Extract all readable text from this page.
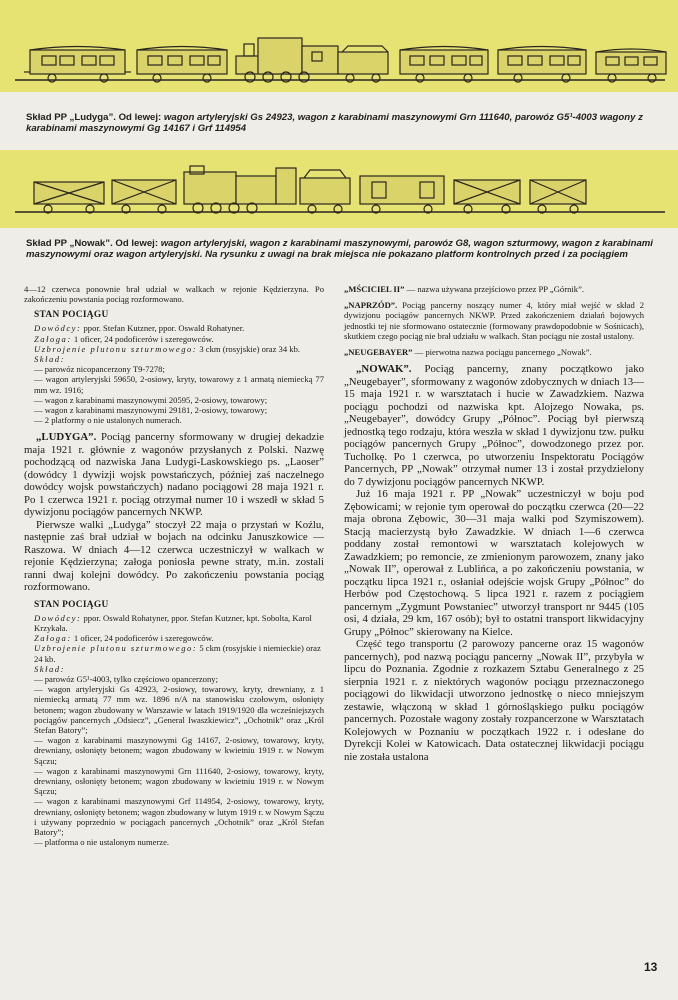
Skład PP „Ludyga”. Od lewej: wagon artyleryjski Gs 24923, wagon z karabinami maszynowymi Grn 111640, parowóz G5¹-4003 wagony z karabinami maszynowymi Gg 14167 i Grf 114954

Skład PP „Nowak”. Od lewej: wagon artyleryjski, wagon z karabinami maszynowymi, parowóz G8, wagon szturmowy, wagon z karabinami maszynowymi oraz wagon artyleryjski. Na rysunku z uwagi na brak miejsca nie pokazano platform kontrolnych przed i za pociągiem

4—12 czerwca ponownie brał udział w walkach w rejonie Kędzierzyna. Po zakończeniu powstania pociąg rozformowano.

STAN POCIĄGU
Dowódcy: ppor. Stefan Kutzner, ppor. Oswald Rohatyner.
Załoga: 1 oficer, 24 podoficerów i szeregowców.
Uzbrojenie plutonu szturmowego: 3 ckm (rosyjskie) oraz 34 kb.
Skład:
— parowóz nicopancerzony T9-7278;
— wagon artyleryjski 59650, 2-osiowy, kryty, towarowy z 1 armatą niemiecką 77 mm wz. 1916;
— wagon z karabinami maszynowymi 20595, 2-osiowy, towarowy;
— wagon z karabinami maszynowymi 29181, 2-osiowy, towarowy;
— 2 platformy o nie ustalonych numerach.

„LUDYGA”. Pociąg pancerny sformowany w drugiej dekadzie maja 1921 r. głównie z wagonów przysłanych z Polski. Nazwę pochodzącą od nazwiska Jana Ludygi-Laskowskiego ps. „Laoser” (dowódcy 1 dywizji wojsk powstańczych, później zaś naczelnego dowódcy wojsk powstańczych) nadano pociągowi 28 maja 1921 r. Po 1 czerwca 1921 r. pociąg otrzymał numer 10 i wszedł w skład 5 dywizjonu pociągów pancernych NKWP.

Pierwsze walki „Ludyga” stoczył 22 maja o przystań w Koźlu, następnie zaś brał udział w bojach na odcinku Januszkowice — Raszowa. W dniach 4—12 czerwca uczestniczył w walkach w rejonie Kędzierzyna; załoga poniosła pewne straty, m.in. zostali ranni dwaj kolejni dowódcy. Po zakończeniu powstania pociąg rozformowano.

STAN POCIĄGU
Dowódcy: ppor. Oswald Rohatyner, ppor. Stefan Kutzner, kpt. Sobolta, Karol Krzykała.
Załoga: 1 oficer, 24 podoficerów i szeregowców.
Uzbrojenie plutonu szturmowego: 5 ckm (rosyjskie i niemieckie) oraz 24 kb.
Skład:
— parowóz G5¹-4003, tylko częściowo opancerzony;
— wagon artyleryjski Gs 42923, 2-osiowy, towarowy, kryty, drewniany, z 1 niemiecką armatą 77 mm wz. 1896 n/A na stanowisku czołowym, osłonięty betonem; wagon zbudowany w Warszawie w latach 1919/1920 dla wcześniejszych pociągów pancernych „Odsiecz”, „General Iwaszkiewicz”, „Ochotnik” oraz „Król Stefan Batory”;
— wagon z karabinami maszynowymi Gg 14167, 2-osiowy, towarowy, kryty, drewniany, osłonięty betonem; wagon zbudowany w kwietniu 1919 r. w Nowym Sączu;
— wagon z karabinami maszynowymi Grn 111640, 2-osiowy, towarowy, kryty, drewniany, osłonięty betonem; wagon zbudowany w kwietniu 1919 r. w Nowym Sączu;
— wagon z karabinami maszynowymi Grf 114954, 2-osiowy, towarowy, kryty, drewniany, osłonięty betonem; wagon zbudowany w lutym 1919 r. w Nowym Sączu i używany poprzednio w pociągach pancernych „Ochotnik” oraz „Król Stefan Batory”;
— platforma o nie ustalonym numerze.

„MŚCICIEL II” — nazwa używana przejściowo przez PP „Górnik”.

„NAPRZÓD”. Pociąg pancerny noszący numer 4, który miał wejść w skład 2 dywizjonu pociągów pancernych NKWP. Przed zakończeniem działań bojowych jednostki tej nie sformowano ostatecznie (formowany prawdopodobnie w Sośnicach), skutkiem czego pociąg nie brał udziału w walkach. Stan pociągu nie został ustalony.

„NEUGEBAYER” — pierwotna nazwa pociągu pancernego „Nowak”.

„NOWAK”. Pociąg pancerny, znany początkowo jako „Neugebayer”, sformowany z wagonów zdobycznych w dniach 13—15 maja 1921 r. w warsztatach i hucie w Zawadzkiem. Nazwa pociągu pochodzi od nazwiska kpt. Alojzego Nowaka, ps. „Neugebayer”, dowódcy Grupy „Północ”. Pociąg był pierwszą jednostką tego rodzaju, która weszła w skład 1 dywizjonu tzw. pułku pociągów pancernych Grupy „Północ”, dowodzonego przez por. Tucholkę. Po 1 czerwca, po utworzeniu Inspektoratu Pociągów Pancernych, PP „Nowak” otrzymał numer 13 i został przydzielony do 7 dywizjonu pociągów pancernych NKWP.

Już 16 maja 1921 r. PP „Nowak” uczestniczył w boju pod Zębowicami; w rejonie tym operował do początku czerwca (20—22 maja obrona Zębowic, 30—31 maja walki pod Szymiszowem). Stacją macierzystą było Zawadzkie. W dniach 1—6 czerwca poddany został remontowi w warsztatach kolejowych w Zawadzkiem; po remoncie, ze zmienionym parowozem, znany jako „Nowak II”, operował z Lublińca, a po zakończeniu powstania, w początku lipca 1921 r., osłaniał odejście wojsk Grupy „Północ” do Herbów pod Częstochową. 5 lipca 1921 r. razem z pociągiem pancernym „Zygmunt Powstaniec” utworzył transport nr 9445 (105 osi, 4 działa, 29 km, 167 osób); był to ostatni transport likwidacyjny Grupy „Północ” skierowany na Kielce.

Część tego transportu (2 parowozy pancerne oraz 15 wagonów pancernych), pod nazwą pociągu pancerny „Nowak II”, przybyła w lipcu do Poznania. Zgodnie z rozkazem Sztabu Generalnego z 25 sierpnia 1921 r. z niektórych wagonów pociągu przeznaczonego pociągowi do likwidacji utworzono jednostkę o nieco mniejszym zestawie, włączoną w skład 1 górnośląskiego pułku pociągów pancernych. Pozostałe wagony zostały rozpancerzone w Warsztatach Kolejowych w Poznaniu w początkach 1922 r. i odesłane do Dyrekcji Kolei w Katowicach. Data ostatecznej likwidacji pociągu nie została ustalona

13
